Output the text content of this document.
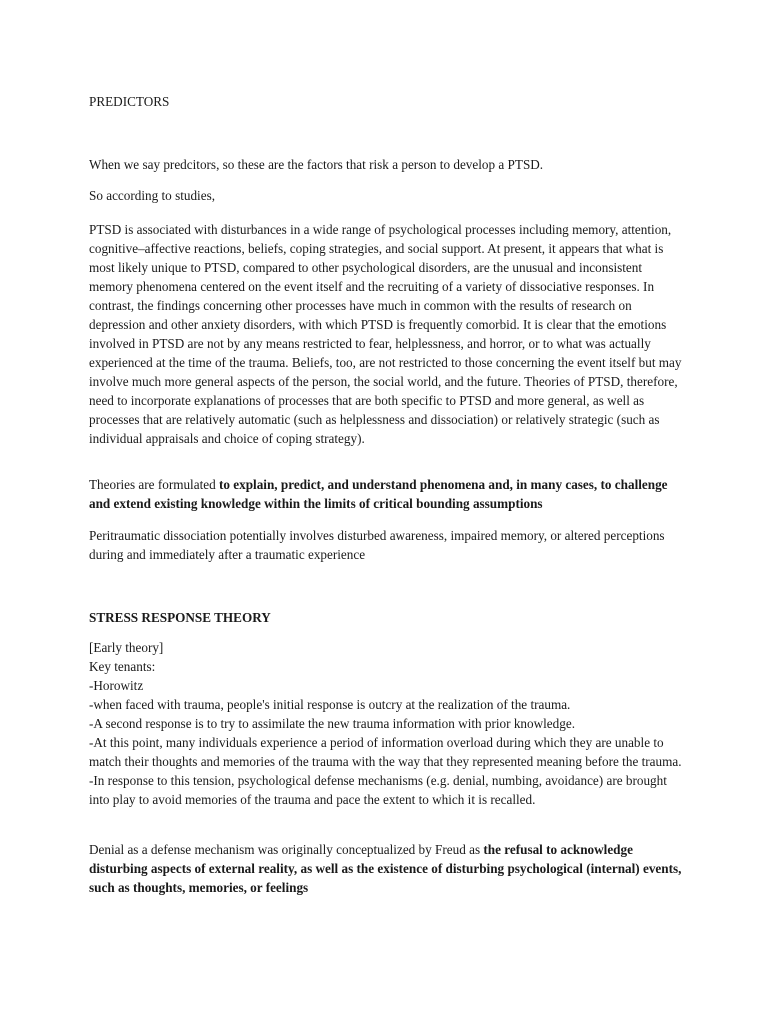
PREDICTORS

When we say predcitors, so these are the factors that risk a person to develop a PTSD.

So according to studies,

PTSD is associated with disturbances in a wide range of psychological processes including memory, attention, cognitive–affective reactions, beliefs, coping strategies, and social support. At present, it appears that what is most likely unique to PTSD, compared to other psychological disorders, are the unusual and inconsistent memory phenomena centered on the event itself and the recruiting of a variety of dissociative responses. In contrast, the findings concerning other processes have much in common with the results of research on depression and other anxiety disorders, with which PTSD is frequently comorbid. It is clear that the emotions involved in PTSD are not by any means restricted to fear, helplessness, and horror, or to what was actually experienced at the time of the trauma. Beliefs, too, are not restricted to those concerning the event itself but may involve much more general aspects of the person, the social world, and the future. Theories of PTSD, therefore, need to incorporate explanations of processes that are both specific to PTSD and more general, as well as processes that are relatively automatic (such as helplessness and dissociation) or relatively strategic (such as individual appraisals and choice of coping strategy).

Theories are formulated to explain, predict, and understand phenomena and, in many cases, to challenge and extend existing knowledge within the limits of critical bounding assumptions

Peritraumatic dissociation potentially involves disturbed awareness, impaired memory, or altered perceptions during and immediately after a traumatic experience

STRESS RESPONSE THEORY

[Early theory]
Key tenants:
-Horowitz
-when faced with trauma, people's initial response is outcry at the realization of the trauma.
-A second response is to try to assimilate the new trauma information with prior knowledge.
-At this point, many individuals experience a period of information overload during which they are unable to match their thoughts and memories of the trauma with the way that they represented meaning before the trauma.
-In response to this tension, psychological defense mechanisms (e.g. denial, numbing, avoidance) are brought into play to avoid memories of the trauma and pace the extent to which it is recalled.

Denial as a defense mechanism was originally conceptualized by Freud as the refusal to acknowledge disturbing aspects of external reality, as well as the existence of disturbing psychological (internal) events, such as thoughts, memories, or feelings
